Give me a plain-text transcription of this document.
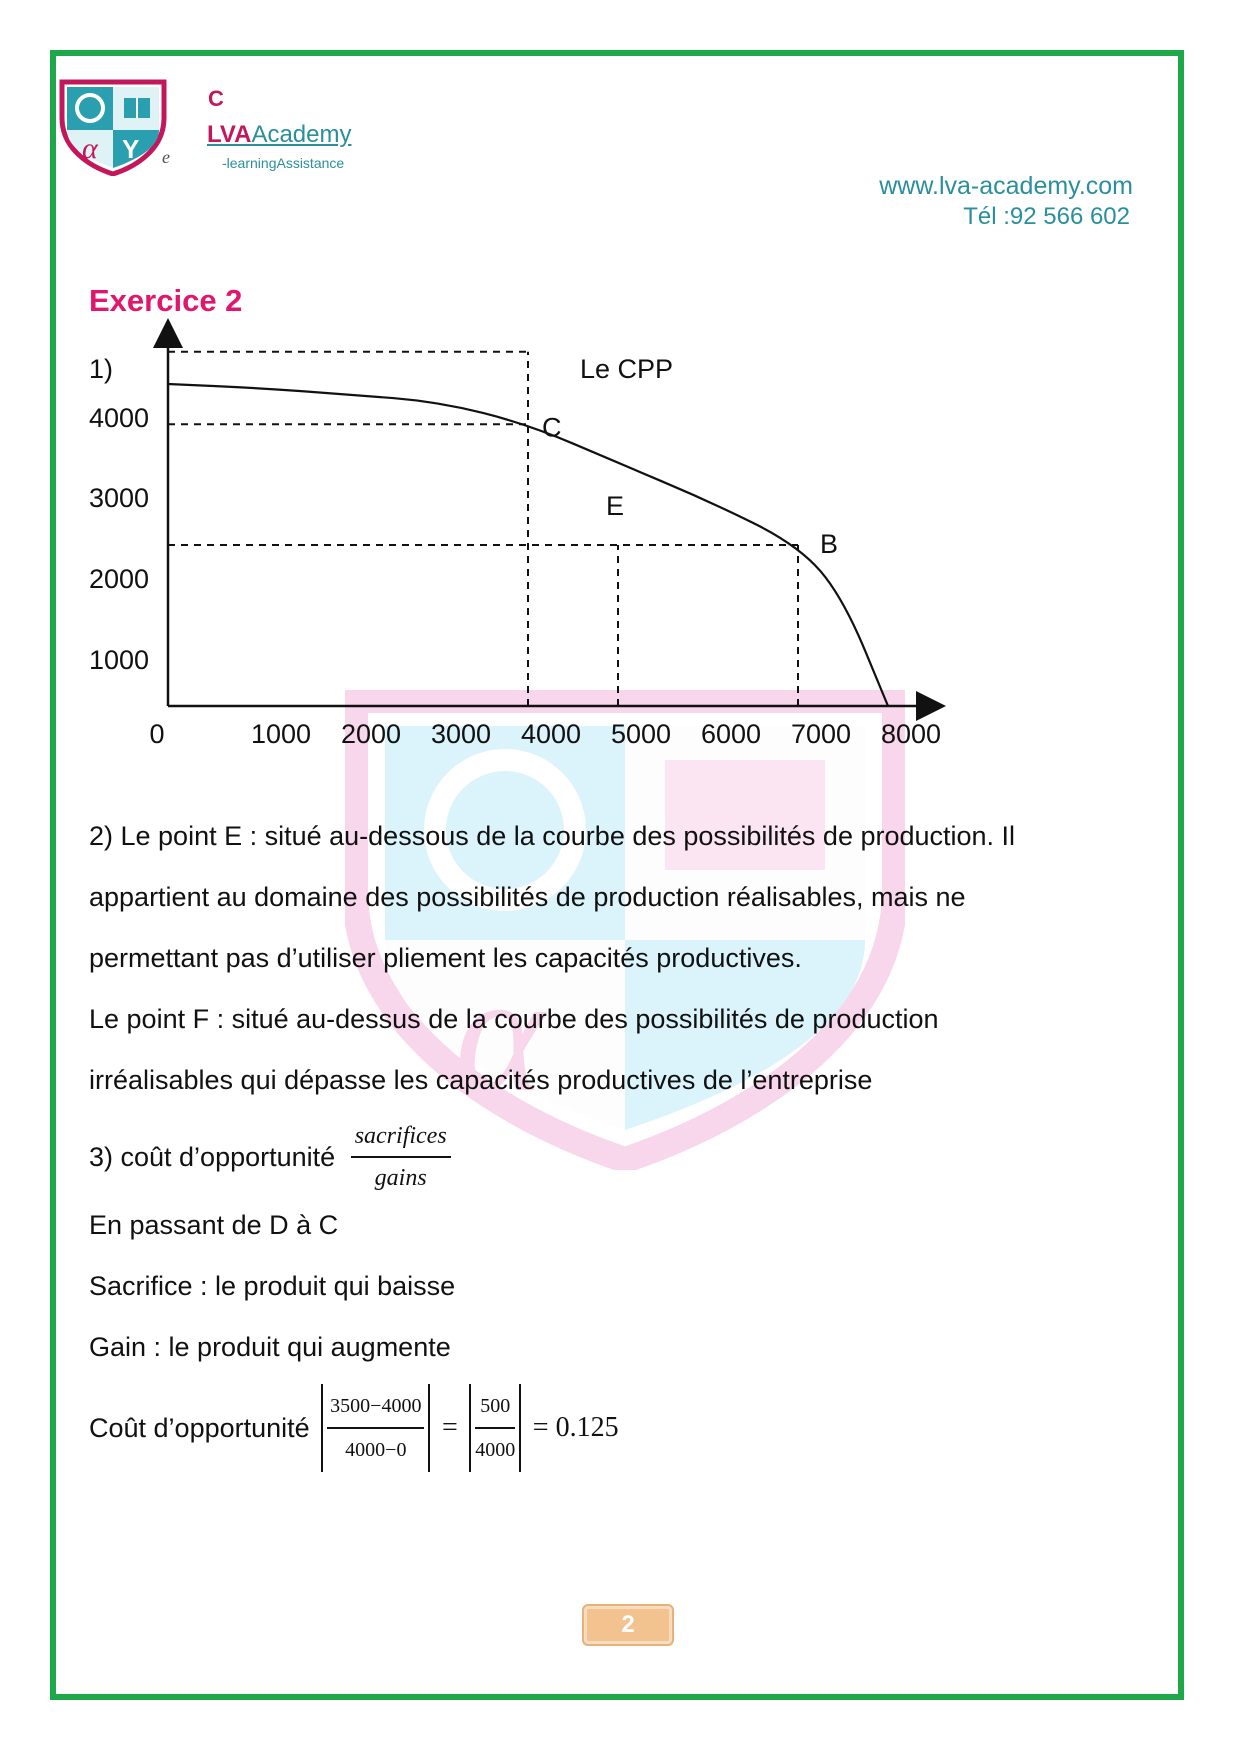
α Y
C
LVAAcademy
e	-learningAssistance
www.lva-academy.com
Tél :92 566 602
α
Exercice 2
1)	Le CPP
0	1000 2000 3000 4000 5000 6000 7000 8000
1000
2000
3000
4000	C
E
B
2) Le point E : situé au-dessous de la courbe des possibilités de production. Il
appartient au domaine des possibilités de production réalisables, mais ne
permettant pas d’utiliser pliement les capacités productives.
Le point F : situé au-dessus de la courbe des possibilités de production
irréalisables qui dépasse les capacités productives de l’entreprise
3) coût d’opportunité $\frac{\text{sacrifices}}{\text{gains}}$
En passant de D à C
Sacrifice : le produit qui baisse
Gain : le produit qui augmente
Coût d’opportunité $\frac{3500-4000}{4000-0} = \frac{500}{4000} = 0.125$
2
